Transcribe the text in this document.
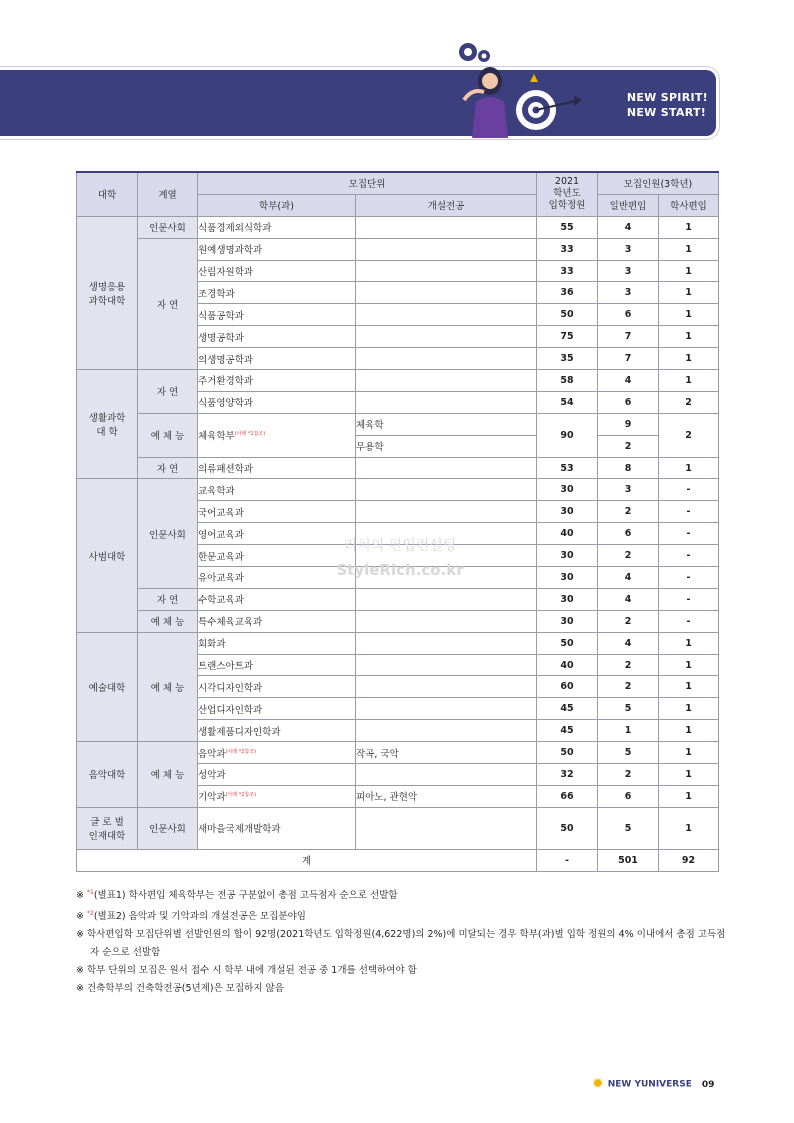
NEW SPIRIT!
NEW START!
대학	계열	모집단위		2021
학년도
입학정원	모집인원(3학년)	
		학부(과)	개설전공		일반편입	학사편입

생명응용
과학대학	인문사회	식품경제외식학과		55	4	1
	자 연	원예생명과학과		33	3	1
		산림자원학과		33	3	1
		조경학과		36	3	1
		식품공학과		50	6	1
		생명공학과		75	7	1
		의생명공학과		35	7	1

생활과학
대 학	자 연	주거환경학과		58	4	1
		식품영양학과		54	6	2
	예 체 능	체육학부$^{(아래 *1참조)}$	체육학	90	9	2
			무용학		2	
	자 연	의류패션학과		53	8	1
사범대학	인문사회	교육학과		30	3	-
		국어교육과		30	2	-
		영어교육과		40	6	-
		한문교육과		30	2	-
		유아교육과		30	4	-
	자 연	수학교육과		30	4	-
	예 체 능	특수체육교육과		30	2	-
예술대학	예 체 능	회화과		50	4	1
		트랜스아트과		40	2	1
		시각디자인학과		60	2	1
		산업디자인학과		45	5	1
		생활제품디자인학과		45	1	1
음악대학	예 체 능	음악과$^{(아래 *2참조)}$	작곡, 국악	50	5	1
		성악과		32	2	1
		기악과$^{(아래 *2참조)}$	피아노, 관현악	66	6	1

글 로 벌
인재대학	인문사회	새마을국제개발학과		50	5	1
계				-	501	92
리치의 편입컨설팅
StyleRich.co.kr
※ $^{*1}$(별표1) 학사편입 체육학부는 전공 구분없이 총점 고득점자 순으로 선발함
※ $^{*2}$(별표2) 음악과 및 기악과의 개설전공은 모집분야임
※ 학사편입학 모집단위별 선발인원의 합이 92명(2021학년도 입학정원(4,622명)의 2%)에 미달되는 경우 학부(과)별 입학 정원의 4% 이내에서 총점 고득점자 순으로 선발함
※ 학부 단위의 모집은 원서 접수 시 학부 내에 개설된 전공 중 1개를 선택하여야 함
※ 건축학부의 건축학전공(5년제)은 모집하지 않음
✹ NEW YUNIVERSE 09
